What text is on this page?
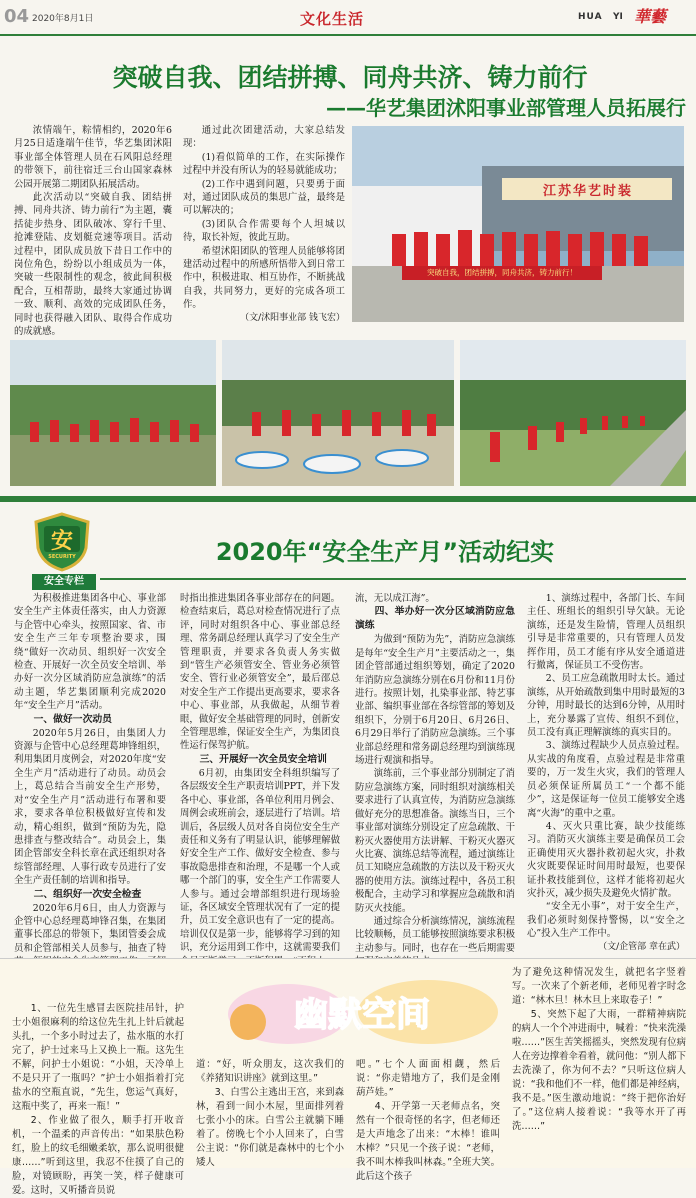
04 2020年8月1日	文化生活	HUA YI 華藝
突破自我、团结拼搏、同舟共济、铸力前行
——华艺集团沭阳事业部管理人员拓展行

浓情端午，粽情相约，2020年6月25日适逢端午佳节，华艺集团沭阳事业部全体管理人员在石风阳总经理的带领下，前往宿迁三台山国家森林公园开展第二期团队拓展活动。

此次活动以“突破自我、团结拼搏、同舟共济、铸力前行”为主题，囊括徒步热身、团队破冰、穿行千里、抢滩登陆、皮划艇竞速等项目。活动过程中，团队成员放下昔日工作中的岗位角色，纷纷以小组成员为一体，突破一些限制性的观念，彼此间积极配合，互相帮助，最终大家通过协调一致、顺利、高效的完成团队任务，同时也获得融入团队、取得合作成功的成就感。

通过此次团建活动，大家总结发现：

(1)看似简单的工作，在实际操作过程中并没有所认为的轻易就能成功；

(2)工作中遇到问题，只要勇于面对，通过团队成员的集思广益，最终是可以解决的；

(3)团队合作需要每个人坦城以待，取长补短，彼此互助。

希望沭阳团队的管理人员能够将团建活动过程中的所感所悟带入到日常工作中，积极进取、相互协作，不断挑战自我，共同努力，更好的完成各项工作。

（文/沭阳事业部 钱飞宏）
江苏华艺时装
突破自我，团结拼搏，同舟共济，铸力前行！
安
SECURITY
安全专栏
2020年“安全生产月”活动纪实

为积极推进集团各中心、事业部安全生产主体责任落实，由人力资源与企管中心牵头，按照国家、省、市安全生产三年专项整治要求，围绕“做好一次动员、组织好一次安全检查、开展好一次全员安全培训、举办好一次分区域消防应急演练”的活动主题，华艺集团顺利完成2020年“安全生产月”活动。

一、做好一次动员

2020年5月26日，由集团人力资源与企管中心总经理葛坤锋组织，利用集团月度例会，对2020年度“安全生产月”活动进行了动员。动员会上，葛总结合当前安全生产形势，对“安全生产月”活动进行布署和要求，要求各单位积极做好宣传和发动，精心组织，做到“预防为先，隐患排查与整改结合”。动员会上，集团企管部安全科长章在武还组织对各综管部经理、人事行政专员进行了安全生产责任制的培训和指导。

二、组织好一次安全检查

2020年6月6日，由人力资源与企管中心总经理葛坤锋召集，在集团董事长邵总的带领下，集团管委会成员和企管部相关人员参与，抽查了特

时指出推进集团各事业部存在的问题。检查结束后，葛总对检查情况进行了点评，同时对组织各中心、事业部总经理、常务副总经理认真学习了安全生产管理职责，并要求各负责人务实做到“管生产必须管安全、管业务必须管安全、管行业必须管安全”，最后邵总对安全生产工作提出更高要求，要求各中心、事业部，从我做起，从细节着眼，做好安全基础管理的同时，创新安全管理思维，保证安全生产，为集团良性运行保驾护航。
三、开展好一次全员安全培训

6月初，由集团安全科组织编写了各层级安全生产职责培训PPT，并下发各中心、事业部，各单位利用月例会、周例会或班前会，逐层进行了培训。培训后，各层级人员对各自岗位安全生产责任和义务有了明显认识，能够理解做好安全生产工作、做好安全检查、参与事故隐患排查和治理，不是哪一个人或哪一个部门的事，安全生产工作需要人人参与。通过会增部组织进行现场验证，各区域安全管理状况有了一定的提升，员工安全意识也有了一定的提高。培训仅仅是第一步，能够将学习到的知识，充分运用到工作中，这就需要我们

流，无以成江海”。
四、举办好一次分区域消防应急演练

为做到“预防为先”，消防应急演练是每年“安全生产月”主要活动之一，集团企管部通过组织筹划，确定了2020年消防应急演练分别在6月份和11月份进行。按照计划，扎染事业部、特艺事业部、编织事业部在各综管部的筹划及组织下，分别于6月20日、6月26日、6月29日举行了消防应急演练。三个事业部总经理和常务副总经理均到演练现场进行观演和指导。

演练前，三个事业部分别制定了消防应急演练方案，同时组织对演练相关要求进行了认真宣传，为消防应急演练做好充分的思想准备。演练当日，三个事业部对演练分别设定了应急疏散、干粉灭火器使用方法讲解、干粉灭火器灭火比赛、演练总结等流程，通过演练让员工知晓应急疏散的方法以及干粉灭火器的使用方法。演练过程中，各员工积极配合，主动学习和掌握应急疏散和消防灭火技能。

通过综合分析演练情况，演练流程比较顺畅，员工能够按照演练要求积极主动参与。同时，也存在一些后期需要

1、演练过程中，各部门长、车间主任、班组长的组织引导欠缺。无论演练，还是发生险情，管理人员组织引导是非常重要的，只有管理人员发挥作用，员工才能有序从安全通道进行撤离，保证员工不受伤害。

2、员工应急疏散用时太长。通过演练，从开始疏散到集中用时最短的3分钟，用时最长的达到6分钟，从用时上，充分暴露了宣传、组织不到位，员工没有真正理解演练的真实目的。

3、演练过程缺少人员点验过程。从实战的角度看，点验过程是非常重要的，万一发生火灾，我们的管理人员必须保证所属员工“一个都不能少”，这是保证每一位员工能够安全逃离“火海”的重中之重。

4、灭火只重比赛，缺少技能练习。消防灭火演练主要是确保员工会正确使用灭火器扑救初起火灾，扑救火灾既要保证时间用时最短，也要保证扑救技能到位，这样才能将初起火灾扑灭，减少损失及避免火情扩散。

“安全无小事”，对于安全生产，我们必须时刻保持警惕，以“安全之心”投入生产工作中。

（文/企管部 章在武）
幽默空间

1、一位先生感冒去医院挂吊针，护士小姐很麻利的给这位先生扎上针后就起头扎，一个多小时过去了，盐水瓶的水打完了，护士过来马上又换上一瓶。这先生不解，问护士小姐说：“小姐，天冷单上不是只开了一瓶吗？”护士小姐指着打完盐水的空瓶直说，“先生，您运气真好，这瓶中奖了，再来一瓶！”

2、作业做了很久，顺手打开收音机，一个温柔的声音传出：“如果肤色粉红，脸上的纹毛细嫩柔软，那么说明很健康……”听到这里，我忍不住摸了自己的脸，对镜顾盼，再笑一笑，样子健康可爱。这时，又听播音员说

道：“好，听众朋友，这次我们的《养猪知识讲座》就到这里。”

3、白雪公主逃出王宫，来到森林，看到一间小木屋，里面排列着七张小小的床。白雪公主就躺下睡着了。傍晚七个小人回来了，白雪公主说：“你们就是森林中的七个小矮人

吧。”七个人面面相觑，然后说：“你走错地方了，我们是金刚葫芦娃。”

4、开学第一天老师点名，突然有一个很奇怪的名字，但老师还是大声地念了出来：“木棒！谁叫木棒？”只见一个孩子说：“老师，我不叫木棒我叫林森。”全班大笑。此后这个孩子

为了避免这种情况发生，就把名字竖着写。一次来了个新老师，老师见着字时念道：“林木旦！林木旦上来取卷子！”

5、突然下起了大雨，一群精神病院的病人一个个冲进雨中，喊着：“快来洗澡啦……”医生苦笑摇摇头，突然发现有位病人在旁边撑着伞看着，就问他：“别人都下去洗澡了，你为何不去？”只听这位病人说：“我和他们不一样，他们都是神经病，我不是。”医生激动地说：“终于把你治好了。”这位病人接着说：“我等水开了再洗……”
